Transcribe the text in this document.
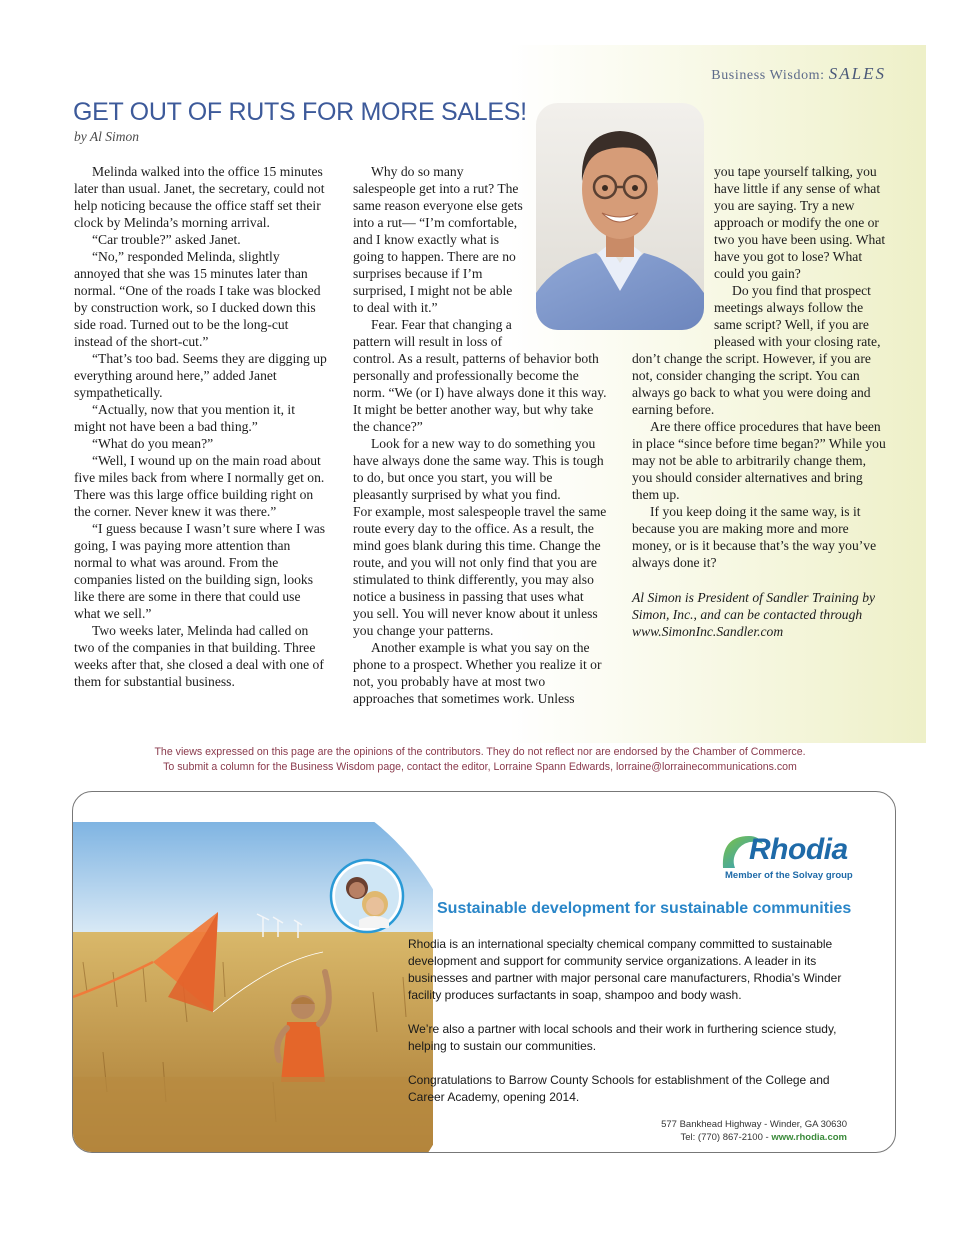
Business Wisdom: SALES
GET OUT OF RUTS FOR MORE SALES!
by Al Simon

Melinda walked into the office 15 minutes later than usual. Janet, the secretary, could not help noticing because the office staff set their clock by Melinda’s morning arrival.

“Car trouble?” asked Janet.

“No,” responded Melinda, slightly annoyed that she was 15 minutes later than normal. “One of the roads I take was blocked by construction work, so I ducked down this side road. Turned out to be the long-cut instead of the short-cut.”

“That’s too bad. Seems they are digging up everything around here,” added Janet sympathetically.

“Actually, now that you mention it, it might not have been a bad thing.”

“What do you mean?”

“Well, I wound up on the main road about five miles back from where I normally get on. There was this large office building right on the corner. Never knew it was there.”

“I guess because I wasn’t sure where I was going, I was paying more attention than normal to what was around. From the companies listed on the building sign, looks like there are some in there that could use what we sell.”

Two weeks later, Melinda had called on two of the companies in that building. Three weeks after that, she closed a deal with one of them for substantial business.

Why do so many salespeople get into a rut? The same reason everyone else gets into a rut— “I’m comfortable, and I know exactly what is going to happen. There are no surprises because if I’m surprised, I might not be able to deal with it.”

Fear. Fear that changing a pattern will result in loss of control. As a result, patterns of behavior both personally and professionally become the norm. “We (or I) have always done it this way. It might be better another way, but why take the chance?”

Look for a new way to do something you have always done the same way. This is tough to do, but once you start, you will be pleasantly surprised by what you find.

For example, most salespeople travel the same route every day to the office. As a result, the mind goes blank during this time. Change the route, and you will not only find that you are stimulated to think differently, you may also notice a business in passing that uses what you sell. You will never know about it unless you change your patterns.

Another example is what you say on the phone to a prospect. Whether you realize it or not, you probably have at most two approaches that sometimes work. Unless

you tape yourself talking, you have little if any sense of what you are saying. Try a new approach or modify the one or two you have been using. What have you got to lose? What could you gain?

Do you find that prospect meetings always follow the same script? Well, if you are pleased with your closing rate, don’t change the script. However, if you are not, consider changing the script. You can always go back to what you were doing and earning before.

Are there office procedures that have been in place “since before time began?” While you may not be able to arbitrarily change them, you should consider alternatives and bring them up.

If you keep doing it the same way, is it because you are making more and more money, or is it because that’s the way you’ve always done it?

Al Simon is President of Sandler Training by Simon, Inc., and can be contacted through www.SimonInc.Sandler.com

The views expressed on this page are the opinions of the contributors. They do not reflect nor are endorsed by the Chamber of Commerce.
To submit a column for the Business Wisdom page, contact the editor, Lorraine Spann Edwards, lorraine@lorrainecommunications.com
Rhodia
Member of the Solvay group
Sustainable development for sustainable communities

Rhodia is an international specialty chemical company committed to sustainable development and support for community service organizations. A leader in its businesses and partner with major personal care manufacturers, Rhodia’s Winder facility produces surfactants in soap, shampoo and body wash.

We’re also a partner with local schools and their work in furthering science study, helping to sustain our communities.

Congratulations to Barrow County Schools for establishment of the College and Career Academy, opening 2014.

577 Bankhead Highway - Winder, GA 30630
Tel: (770) 867-2100 - www.rhodia.com
